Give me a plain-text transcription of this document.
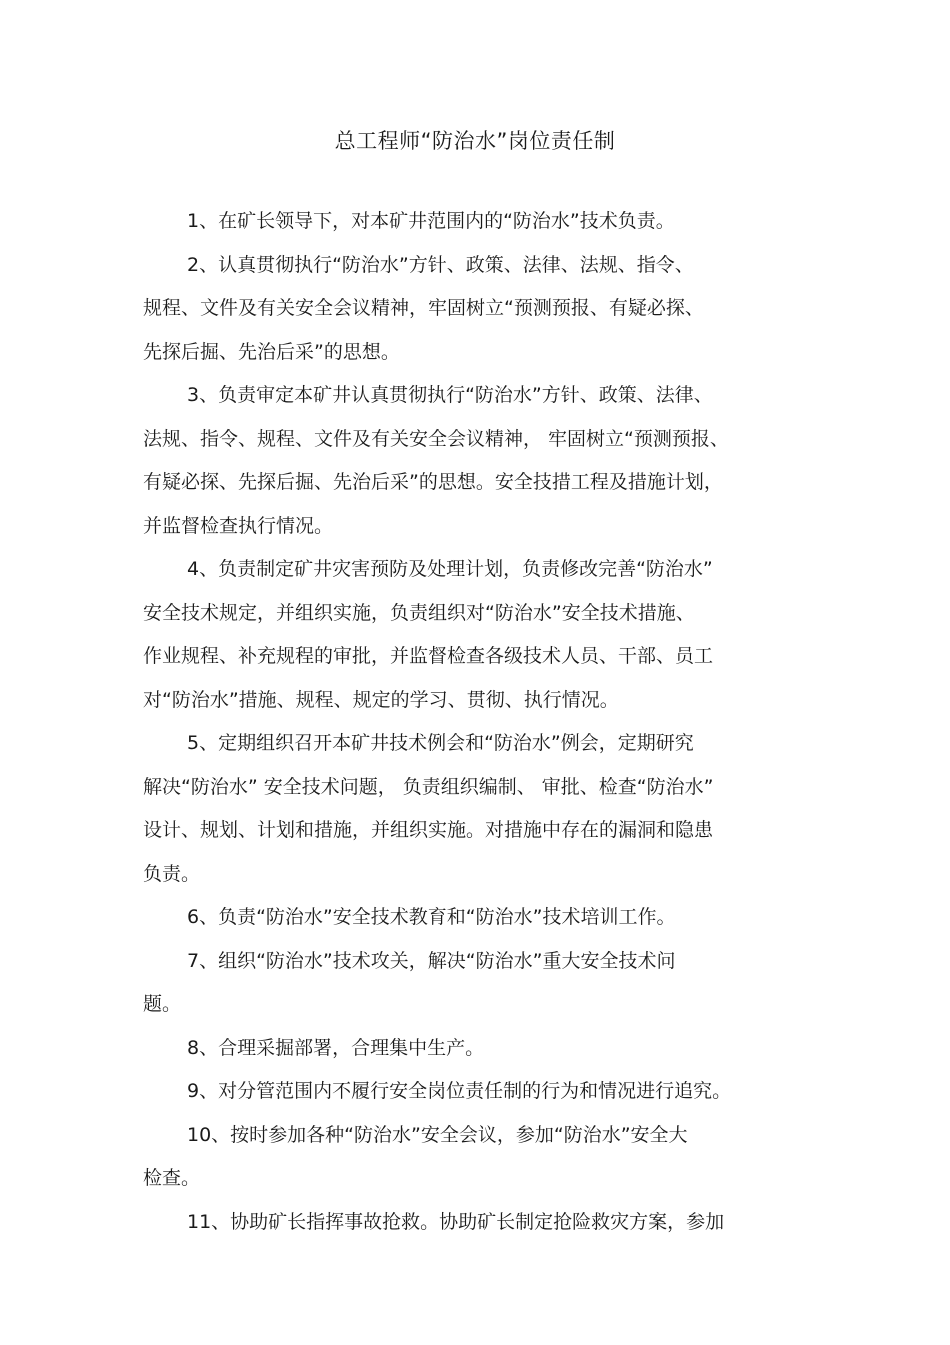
总工程师“防治水”岗位责任制
1、在矿长领导下，对本矿井范围内的“防治水”技术负责。
2、认真贯彻执行“防治水”方针、政策、法律、法规、指令、
规程、文件及有关安全会议精神，牢固树立“预测预报、有疑必探、
先探后掘、先治后采”的思想。
3、负责审定本矿井认真贯彻执行“防治水”方针、政策、法律、
法规、指令、规程、文件及有关安全会议精神， 牢固树立“预测预报、
有疑必探、先探后掘、先治后采”的思想。安全技措工程及措施计划，
并监督检查执行情况。
4、负责制定矿井灾害预防及处理计划，负责修改完善“防治水”
安全技术规定，并组织实施，负责组织对“防治水”安全技术措施、
作业规程、补充规程的审批，并监督检查各级技术人员、干部、员工
对“防治水”措施、规程、规定的学习、贯彻、执行情况。
5、定期组织召开本矿井技术例会和“防治水”例会，定期研究
解决“防治水” 安全技术问题， 负责组织编制、 审批、检查“防治水”
设计、规划、计划和措施，并组织实施。对措施中存在的漏洞和隐患
负责。
6、负责“防治水”安全技术教育和“防治水”技术培训工作。
7、组织“防治水”技术攻关，解决“防治水”重大安全技术问
题。
8、合理采掘部署，合理集中生产。
9、对分管范围内不履行安全岗位责任制的行为和情况进行追究。
10、按时参加各种“防治水”安全会议，参加“防治水”安全大
检查。
11、协助矿长指挥事故抢救。协助矿长制定抢险救灾方案，参加
